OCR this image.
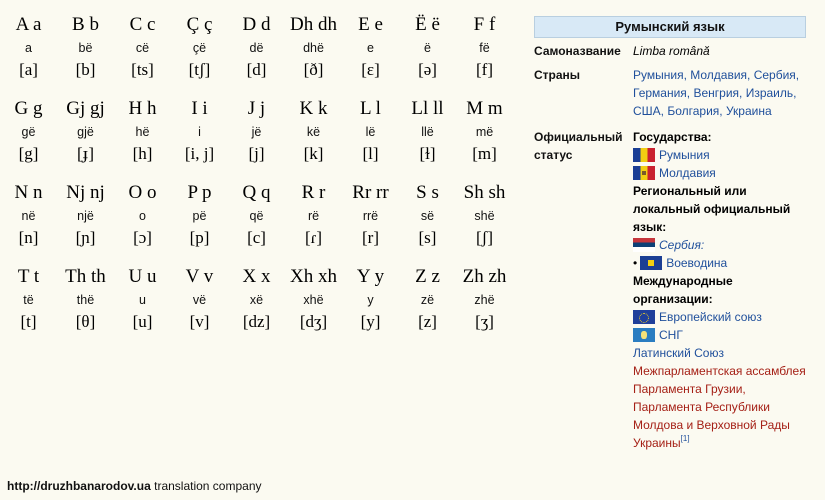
A a
a
[a]
B b
bë
[b]
C c
cë
[ts]
Ç ç
çë
[tʃ]
D d
dë
[d]
Dh dh
dhë
[ð]
E e
e
[ɛ]
Ë ë
ë
[ə]
F f
fë
[f]
G g
gë
[g]
Gj gj
gjë
[ɟ]
H h
hë
[h]
I i
i
[i, j]
J j
jë
[j]
K k
kë
[k]
L l
lë
[l]
Ll ll
llë
[ɫ]
M m
më
[m]
N n
në
[n]
Nj nj
një
[ɲ]
O o
o
[ɔ]
P p
pë
[p]
Q q
që
[c]
R r
rë
[ɾ]
Rr rr
rrë
[r]
S s
së
[s]
Sh sh
shë
[ʃ]
T t
të
[t]
Th th
thë
[θ]
U u
u
[u]
V v
vë
[v]
X x
xë
[dz]
Xh xh
xhë
[dʒ]
Y y
y
[y]
Z z
zë
[z]
Zh zh
zhë
[ʒ]
Румынский язык
Самоназвание	Limba română
Страны	Румыния, Молдавия, Сербия, Германия, Венгрия, Израиль, США, Болгария, Украина
Официальный статус
Государства:
Румыния
Молдавия
Региональный или локальный официальный язык:
Сербия:
• Воеводина
Международные организации:
Европейский союз
СНГ
Латинский Союз
Межпарламентская ассамблея Парламента Грузии, Парламента Республики Молдова и Верховной Рады Украины[1]
http://druzhbanarodov.ua translation company
